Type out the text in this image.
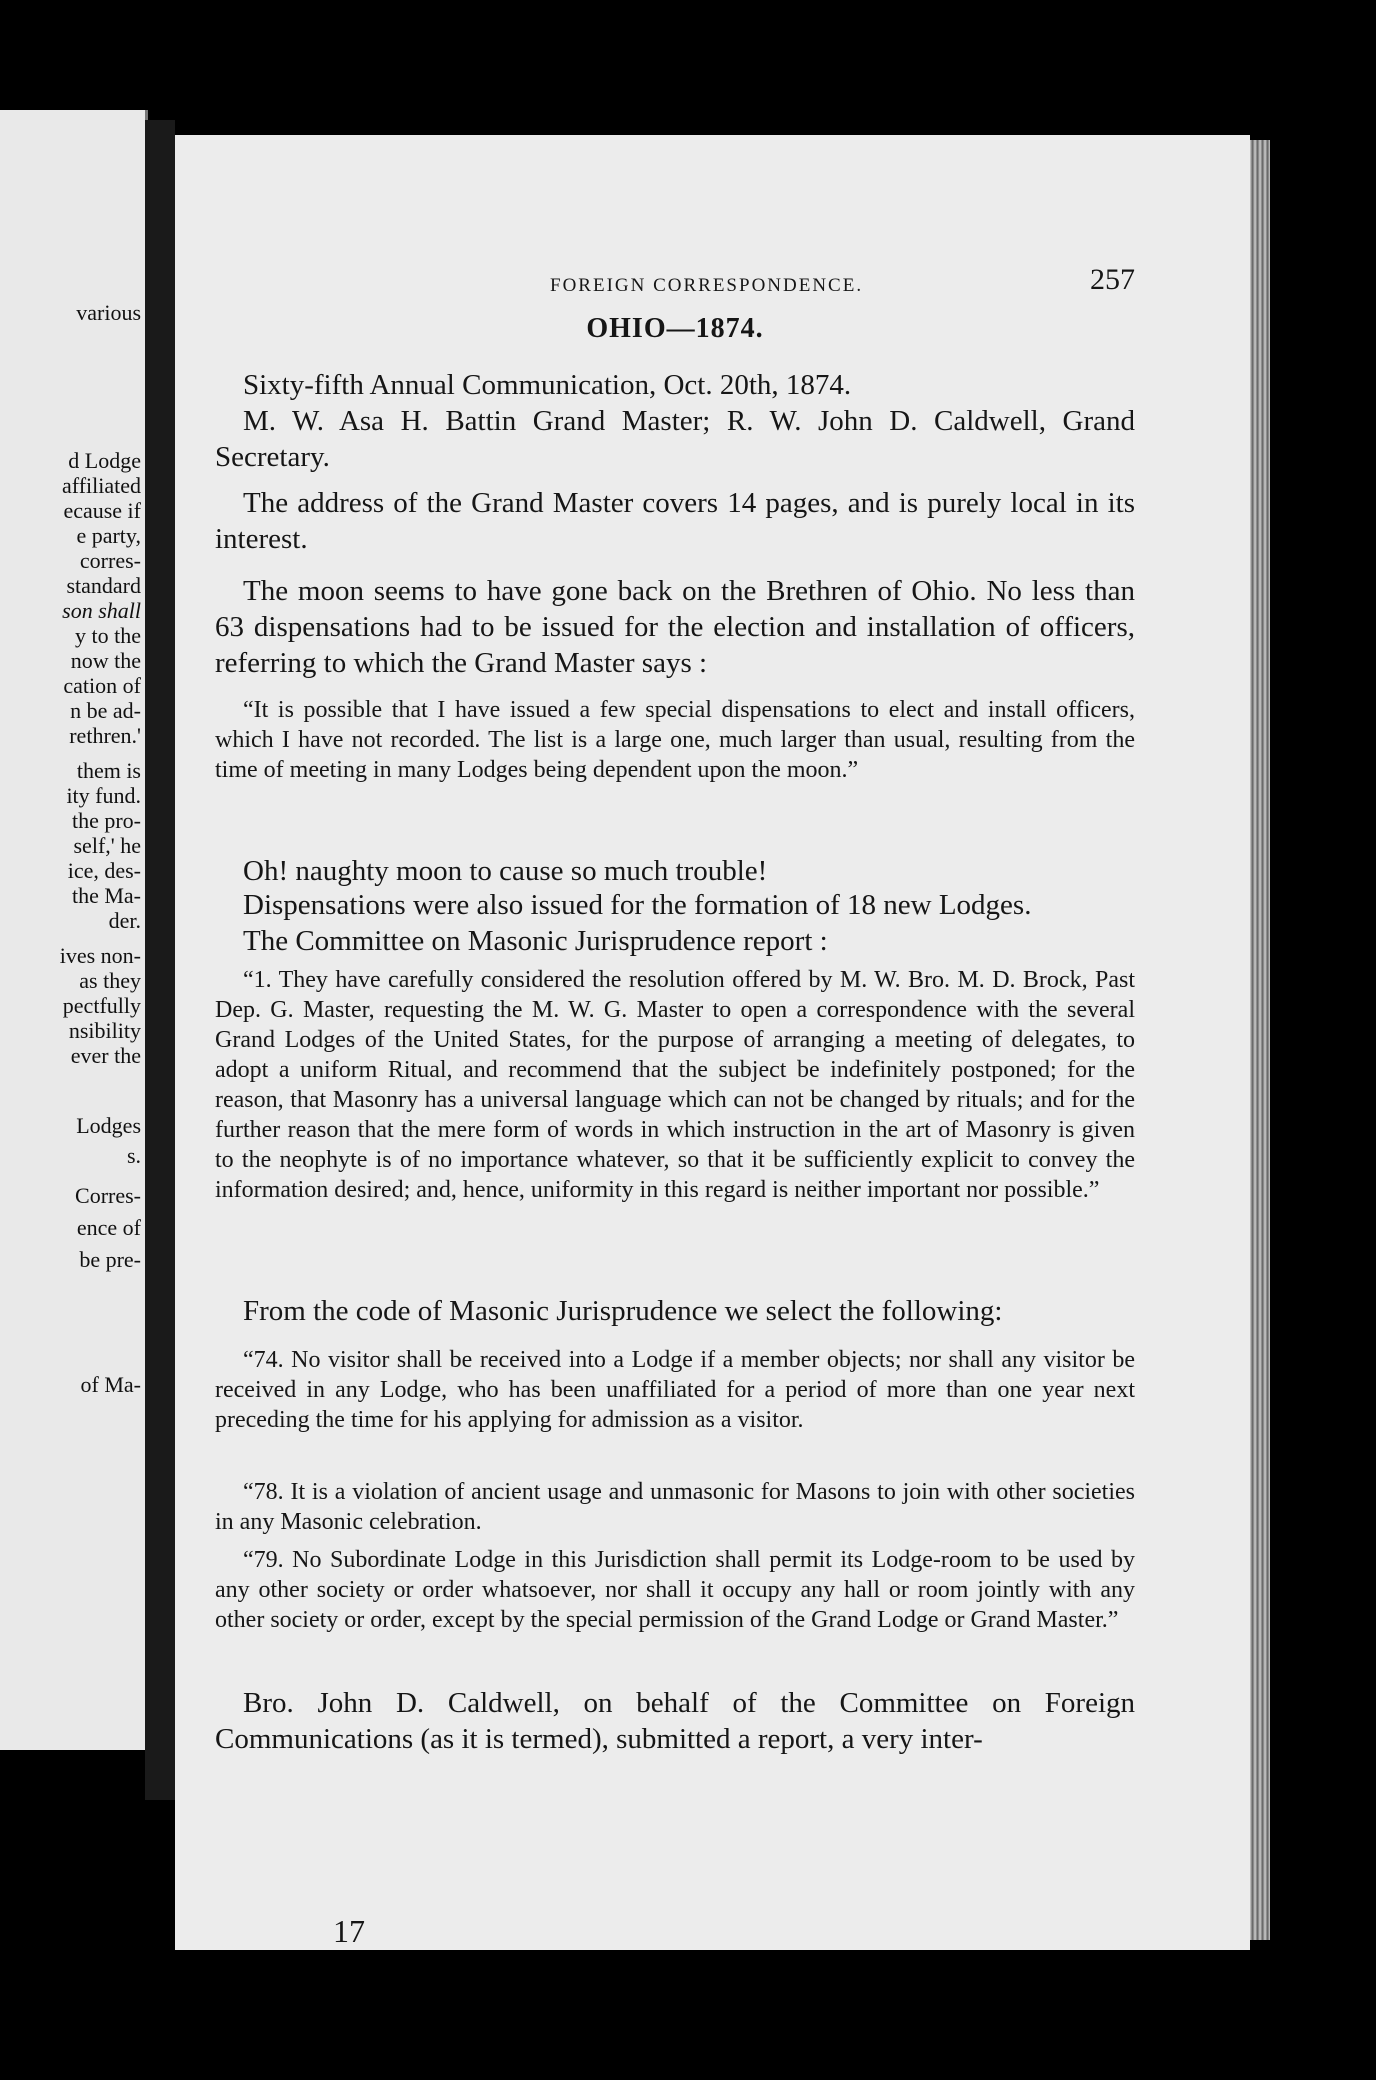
various
d Lodge
affiliated
ecause if
e party,
corres-
standard
son shall
y to the
now the
cation of
n be ad-
rethren.'
them is
ity fund.
the pro-
self,' he
ice, des-
the Ma-
der.
ives non-
as they
pectfully
nsibility
ever the
Lodges
s.
Corres-
ence of
be pre-
of Ma-
FOREIGN CORRESPONDENCE.	257
OHIO—1874.
Sixty-fifth Annual Communication, Oct. 20th, 1874.
M. W. Asa H. Battin Grand Master; R. W. John D. Caldwell, Grand Secretary.
The address of the Grand Master covers 14 pages, and is purely local in its interest.
The moon seems to have gone back on the Brethren of Ohio. No less than 63 dispensations had to be issued for the election and installation of officers, referring to which the Grand Master says :
“It is possible that I have issued a few special dispensations to elect and install officers, which I have not recorded. The list is a large one, much larger than usual, resulting from the time of meeting in many Lodges being dependent upon the moon.”
Oh! naughty moon to cause so much trouble!
Dispensations were also issued for the formation of 18 new Lodges.
The Committee on Masonic Jurisprudence report :
“1. They have carefully considered the resolution offered by M. W. Bro. M. D. Brock, Past Dep. G. Master, requesting the M. W. G. Master to open a correspondence with the several Grand Lodges of the United States, for the purpose of arranging a meeting of delegates, to adopt a uniform Ritual, and recommend that the subject be indefinitely postponed; for the reason, that Masonry has a universal language which can not be changed by rituals; and for the further reason that the mere form of words in which instruction in the art of Masonry is given to the neophyte is of no importance whatever, so that it be sufficiently explicit to convey the information desired; and, hence, uniformity in this regard is neither important nor possible.”
From the code of Masonic Jurisprudence we select the following:
“74. No visitor shall be received into a Lodge if a member objects; nor shall any visitor be received in any Lodge, who has been unaffiliated for a period of more than one year next preceding the time for his applying for admission as a visitor.
“78. It is a violation of ancient usage and unmasonic for Masons to join with other societies in any Masonic celebration.
“79. No Subordinate Lodge in this Jurisdiction shall permit its Lodge-room to be used by any other society or order whatsoever, nor shall it occupy any hall or room jointly with any other society or order, except by the special permission of the Grand Lodge or Grand Master.”
Bro. John D. Caldwell, on behalf of the Committee on Foreign Communications (as it is termed), submitted a report, a very inter-
17
